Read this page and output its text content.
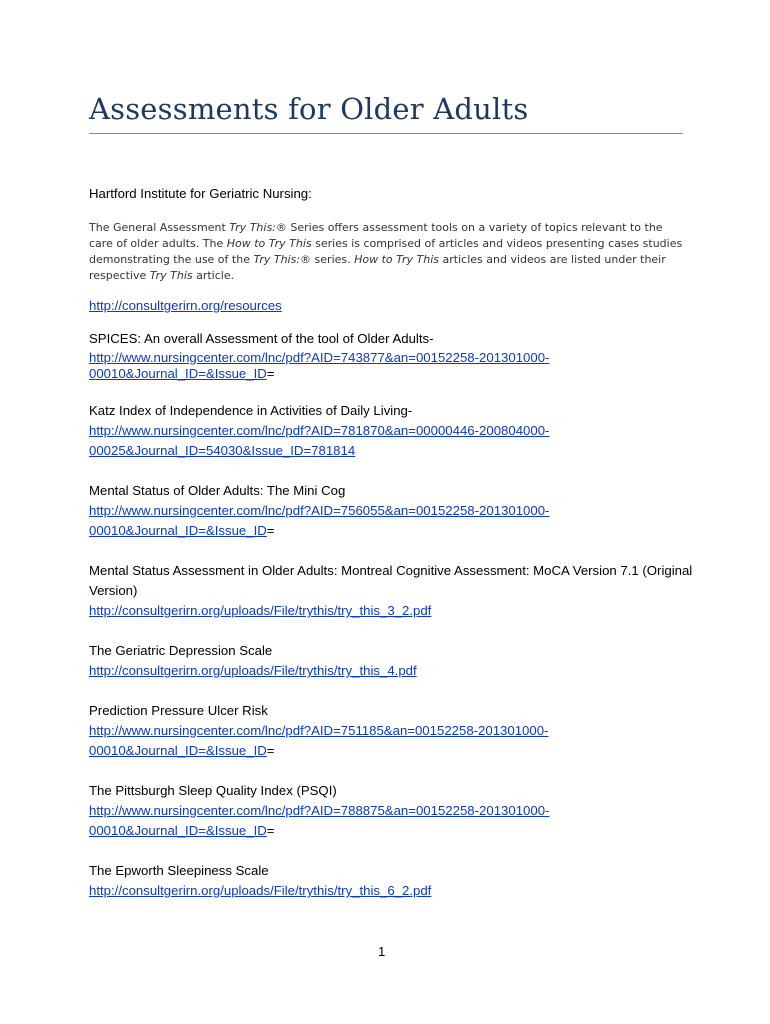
Assessments for Older Adults
Hartford Institute for Geriatric Nursing:
The General Assessment Try This:® Series offers assessment tools on a variety of topics relevant to the
care of older adults. The How to Try This series is comprised of articles and videos presenting cases studies
demonstrating the use of the Try This:® series. How to Try This articles and videos are listed under their
respective Try This article.
http://consultgerirn.org/resources
SPICES: An overall Assessment of the tool of Older Adults-
http://www.nursingcenter.com/lnc/pdf?AID=743877&an=00152258-201301000-
00010&Journal_ID=&Issue_ID=
Katz Index of Independence in Activities of Daily Living-
http://www.nursingcenter.com/lnc/pdf?AID=781870&an=00000446-200804000-
00025&Journal_ID=54030&Issue_ID=781814
Mental Status of Older Adults: The Mini Cog
http://www.nursingcenter.com/lnc/pdf?AID=756055&an=00152258-201301000-
00010&Journal_ID=&Issue_ID=
Mental Status Assessment in Older Adults: Montreal Cognitive Assessment: MoCA Version 7.1 (Original
Version)
http://consultgerirn.org/uploads/File/trythis/try_this_3_2.pdf
The Geriatric Depression Scale
http://consultgerirn.org/uploads/File/trythis/try_this_4.pdf
Prediction Pressure Ulcer Risk
http://www.nursingcenter.com/lnc/pdf?AID=751185&an=00152258-201301000-
00010&Journal_ID=&Issue_ID=
The Pittsburgh Sleep Quality Index (PSQI)
http://www.nursingcenter.com/lnc/pdf?AID=788875&an=00152258-201301000-
00010&Journal_ID=&Issue_ID=
The Epworth Sleepiness Scale
http://consultgerirn.org/uploads/File/trythis/try_this_6_2.pdf
1
